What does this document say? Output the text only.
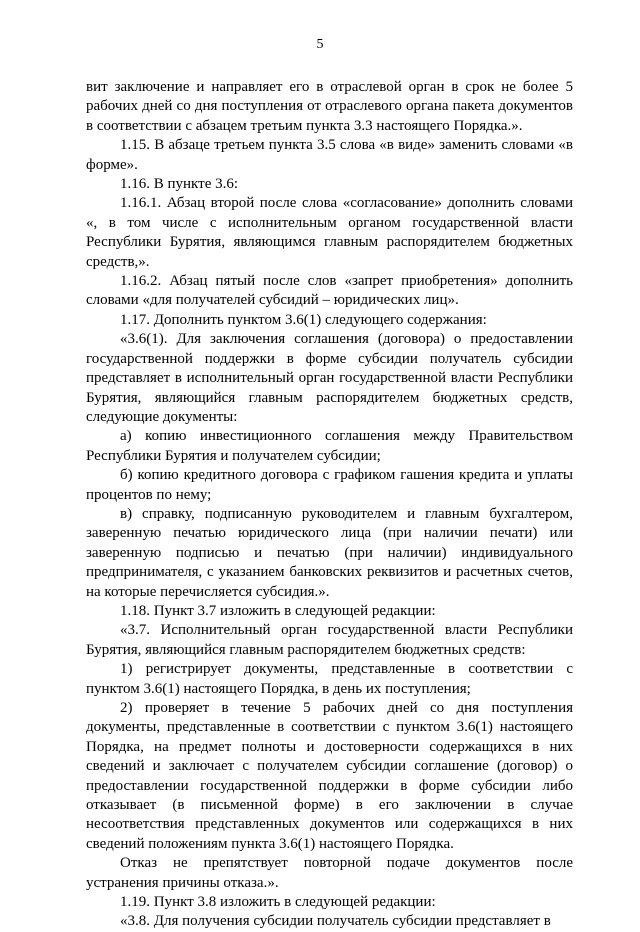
5

вит заключение и направляет его в отраслевой орган в срок не более 5 рабочих дней со дня поступления от отраслевого органа пакета документов в соответствии с абзацем третьим пункта 3.3 настоящего Порядка.».

1.15. В абзаце третьем пункта 3.5 слова «в виде» заменить словами «в форме».

1.16. В пункте 3.6:

1.16.1. Абзац второй после слова «согласование» дополнить словами «, в том числе с исполнительным органом государственной власти Республики Бурятия, являющимся главным распорядителем бюджетных средств,».

1.16.2. Абзац пятый после слов «запрет приобретения» дополнить словами «для получателей субсидий – юридических лиц».

1.17. Дополнить пунктом 3.6(1) следующего содержания:

«3.6(1). Для заключения соглашения (договора) о предоставлении государственной поддержки в форме субсидии получатель субсидии представляет в исполнительный орган государственной власти Республики Бурятия, являющийся главным распорядителем бюджетных средств, следующие документы:

а) копию инвестиционного соглашения между Правительством Республики Бурятия и получателем субсидии;

б) копию кредитного договора с графиком гашения кредита и уплаты процентов по нему;

в) справку, подписанную руководителем и главным бухгалтером, заверенную печатью юридического лица (при наличии печати) или заверенную подписью и печатью (при наличии) индивидуального предпринимателя, с указанием банковских реквизитов и расчетных счетов, на которые перечисляется субсидия.».

1.18. Пункт 3.7 изложить в следующей редакции:

«3.7. Исполнительный орган государственной власти Республики Бурятия, являющийся главным распорядителем бюджетных средств:

1) регистрирует документы, представленные в соответствии с пунктом 3.6(1) настоящего Порядка, в день их поступления;

2) проверяет в течение 5 рабочих дней со дня поступления документы, представленные в соответствии с пунктом 3.6(1) настоящего Порядка, на предмет полноты и достоверности содержащихся в них сведений и заключает с получателем субсидии соглашение (договор) о предоставлении государственной поддержки в форме субсидии либо отказывает (в письменной форме) в его заключении в случае несоответствия представленных документов или содержащихся в них сведений положениям пункта 3.6(1) настоящего Порядка.

Отказ не препятствует повторной подаче документов после устранения причины отказа.».

1.19. Пункт 3.8 изложить в следующей редакции:

«3.8. Для получения субсидии получатель субсидии представляет в
